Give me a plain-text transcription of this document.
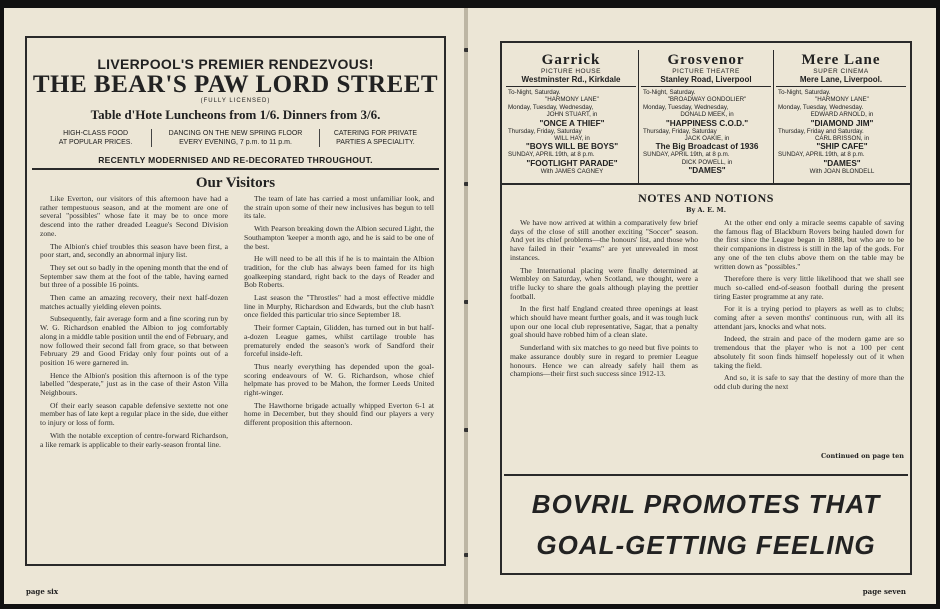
LIVERPOOL'S PREMIER RENDEZVOUS!
THE BEAR'S PAW LORD STREET
(FULLY LICENSED)
Table d'Hote Luncheons from 1/6. Dinners from 3/6.
HIGH-CLASS FOOD
AT POPULAR PRICES.
DANCING ON THE NEW SPRING FLOOR
EVERY EVENING, 7 p.m. to 11 p.m.
CATERING FOR PRIVATE
PARTIES A SPECIALITY.
RECENTLY MODERNISED AND RE-DECORATED THROUGHOUT.
Our Visitors

Like Everton, our visitors of this afternoon have had a rather tempestuous season, and at the moment are one of several "possibles" whose fate it may be to once more descend into the rather dreaded League's Second Division zone.

The Albion's chief troubles this season have been first, a poor start, and, secondly an abnormal injury list.

They set out so badly in the opening month that the end of September saw them at the foot of the table, having earned but three of a possible 16 points.

Then came an amazing recovery, their next half-dozen matches actually yielding eleven points.

Subsequently, fair average form and a fine scoring run by W. G. Richardson enabled the Albion to jog comfortably along in a middle table position until the end of February, and now followed their second fall from grace, so that between February 29 and Good Friday only four points out of a position 16 were garnered in.

Hence the Albion's position this afternoon is of the type labelled "desperate," just as in the case of their Aston Villa Neighbours.

Of their early season capable defensive sextette not one member has of late kept a regular place in the side, due either to injury or loss of form.

With the notable exception of centre-forward Richardson, a like remark is applicable to their early-season frontal line.

The team of late has carried a most unfamiliar look, and the strain upon some of their new inclusives has begun to tell its tale.

With Pearson breaking down the Albion secured Light, the Southampton 'keeper a month ago, and he is said to be one of the best.

He will need to be all this if he is to maintain the Albion tradition, for the club has always been famed for its high goalkeeping standard, right back to the days of Reader and Bob Roberts.

Last season the "Throstles" had a most effective middle line in Murphy, Richardson and Edwards, but the club hasn't once fielded this particular trio since September 18.

Their former Captain, Glidden, has turned out in but half-a-dozen League games, whilst cartilage trouble has prematurely ended the season's work of Sandford their forceful inside-left.

Thus nearly everything has depended upon the goal-scoring endeavours of W. G. Richardson, whose chief helpmate has proved to be Mahon, the former Leeds United right-winger.

The Hawthorne brigade actually whipped Everton 6-1 at home in December, but they should find our players a very different proposition this afternoon.

page six
Garrick
PICTURE HOUSE
Westminster Rd., Kirkdale
To-Night, Saturday.
"HARMONY LANE"
Monday, Tuesday, Wednesday,
JOHN STUART, in
"ONCE A THIEF"
Thursday, Friday, Saturday
WILL HAY, in
"BOYS WILL BE BOYS"
SUNDAY, APRIL 19th, at 8 p.m.
"FOOTLIGHT PARADE"
With JAMES CAGNEY
Grosvenor
PICTURE THEATRE
Stanley Road, Liverpool
To-Night, Saturday.
"BROADWAY GONDOLIER"
Monday, Tuesday, Wednesday,
DONALD MEEK, in
"HAPPINESS C.O.D."
Thursday, Friday, Saturday
JACK OAKIE, in
The Big Broadcast of 1936
SUNDAY, APRIL 19th, at 8 p.m.
DICK POWELL, in
"DAMES"
Mere Lane
SUPER CINEMA
Mere Lane, Liverpool.
To-Night, Saturday.
"HARMONY LANE"
Monday, Tuesday, Wednesday.
EDWARD ARNOLD, in
"DIAMOND JIM"
Thursday, Friday and Saturday.
CARL BRISSON, in
"SHIP CAFE"
SUNDAY, APRIL 19th, at 8 p.m.
"DAMES"
With JOAN BLONDELL
NOTES AND NOTIONS
By A. E. M.

We have now arrived at within a comparatively few brief days of the close of still another exciting "Soccer" season. And yet its chief problems—the honours' list, and those who have failed in their "exams" are yet unrevealed in most instances.

The International placing were finally determined at Wembley on Saturday, when Scotland, we thought, were a trifle lucky to share the goals although playing the prettier football.

In the first half England created three openings at least which should have meant further goals, and it was tough luck upon our one local club representative, Sagar, that a penalty goal should have robbed him of a clean slate.

Sunderland with six matches to go need but five points to make assurance doubly sure in regard to premier League honours. Hence we can already safely hail them as champions—their first such success since 1912-13.

At the other end only a miracle seems capable of saving the famous flag of Blackburn Rovers being hauled down for the first since the League began in 1888, but who are to be their companions in distress is still in the lap of the gods. For any one of the ten clubs above them on the table may be written down as "possibles."

Therefore there is very little likelihood that we shall see much so-called end-of-season football during the present tiring Easter programme at any rate.

For it is a trying period to players as well as to clubs; coming after a seven months' continuous run, with all its attendant jars, knocks and what nots.

Indeed, the strain and pace of the modern game are so tremendous that the player who is not a 100 per cent absolutely fit soon finds himself hopelessly out of it when taking the field.

And so, it is safe to say that the destiny of more than the odd club during the next

Continued on page ten
BOVRIL PROMOTES THAT
GOAL-GETTING FEELING
page seven
